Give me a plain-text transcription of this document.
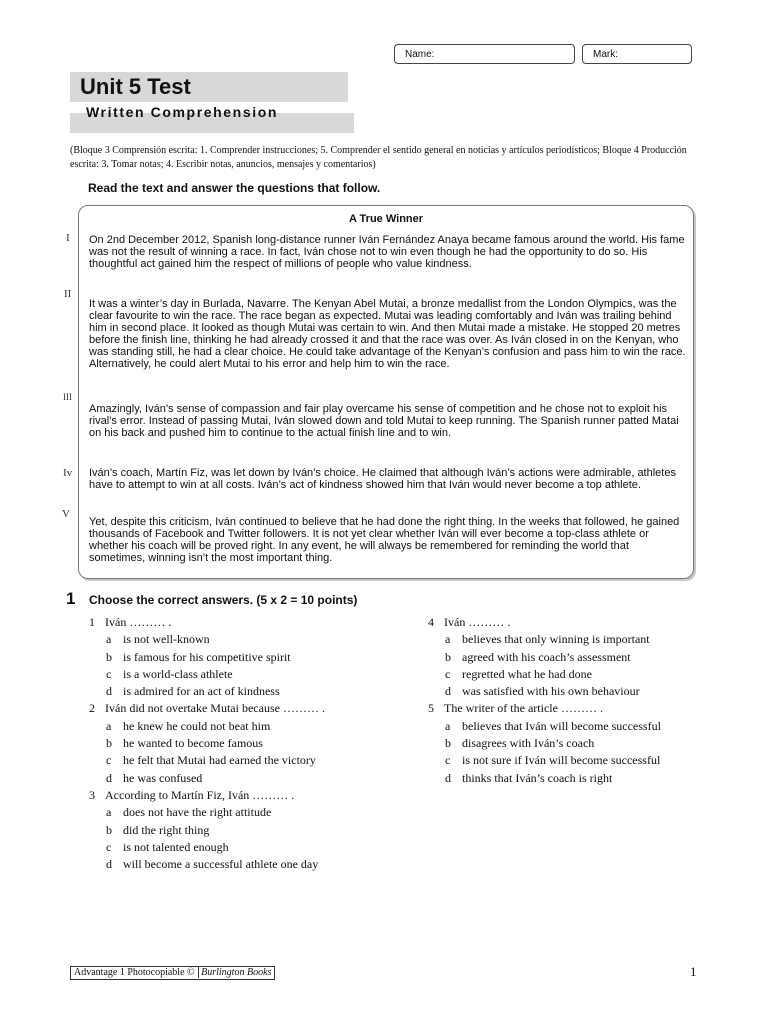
Name:	Mark:
Unit 5 Test
Written Comprehension
(Bloque 3 Comprensión escrita: 1. Comprender instrucciones; 5. Comprender el sentido general en noticias y artículos periodísticos; Bloque 4 Producción escrita: 3. Tomar notas; 4. Escribir notas, anuncios, mensajes y comentarios)
Read the text and answer the questions that follow.
A True Winner
On 2nd December 2012, Spanish long-distance runner Iván Fernández Anaya became famous around the world. His fame was not the result of winning a race. In fact, Iván chose not to win even though he had the opportunity to do so. His thoughtful act gained him the respect of millions of people who value kindness.
It was a winter’s day in Burlada, Navarre. The Kenyan Abel Mutai, a bronze medallist from the London Olympics, was the clear favourite to win the race. The race began as expected. Mutai was leading comfortably and Iván was trailing behind him in second place. It looked as though Mutai was certain to win. And then Mutai made a mistake. He stopped 20 metres before the finish line, thinking he had already crossed it and that the race was over. As Iván closed in on the Kenyan, who was standing still, he had a clear choice. He could take advantage of the Kenyan’s confusion and pass him to win the race. Alternatively, he could alert Mutai to his error and help him to win the race.
Amazingly, Iván’s sense of compassion and fair play overcame his sense of competition and he chose not to exploit his rival’s error. Instead of passing Mutai, Iván slowed down and told Mutai to keep running. The Spanish runner patted Matai on his back and pushed him to continue to the actual finish line and to win.
Iván’s coach, Martín Fiz, was let down by Iván’s choice. He claimed that although Iván’s actions were admirable, athletes have to attempt to win at all costs. Iván’s act of kindness showed him that Iván would never become a top athlete.
Yet, despite this criticism, Iván continued to believe that he had done the right thing. In the weeks that followed, he gained thousands of Facebook and Twitter followers. It is not yet clear whether Iván will ever become a top-class athlete or whether his coach will be proved right. In any event, he will always be remembered for reminding the world that sometimes, winning isn’t the most important thing.
I
II
III
Iv
V
1 Choose the correct answers. (5 x 2 = 10 points)
1 Iván ……… .
a is not well-known
b is famous for his competitive spirit
c is a world-class athlete
d is admired for an act of kindness
2 Iván did not overtake Mutai because ……… .
a he knew he could not beat him
b he wanted to become famous
c he felt that Mutai had earned the victory
d he was confused
3 According to Martín Fiz, Iván ……… .
a does not have the right attitude
b did the right thing
c is not talented enough
d will become a successful athlete one day
4 Iván ……… .
a believes that only winning is important
b agreed with his coach’s assessment
c regretted what he had done
d was satisfied with his own behaviour
5 The writer of the article ……… .
a believes that Iván will become successful
b disagrees with Iván’s coach
c is not sure if Iván will become successful
d thinks that Iván’s coach is right
Advantage 1 Photocopiable © Burlington Books	1
